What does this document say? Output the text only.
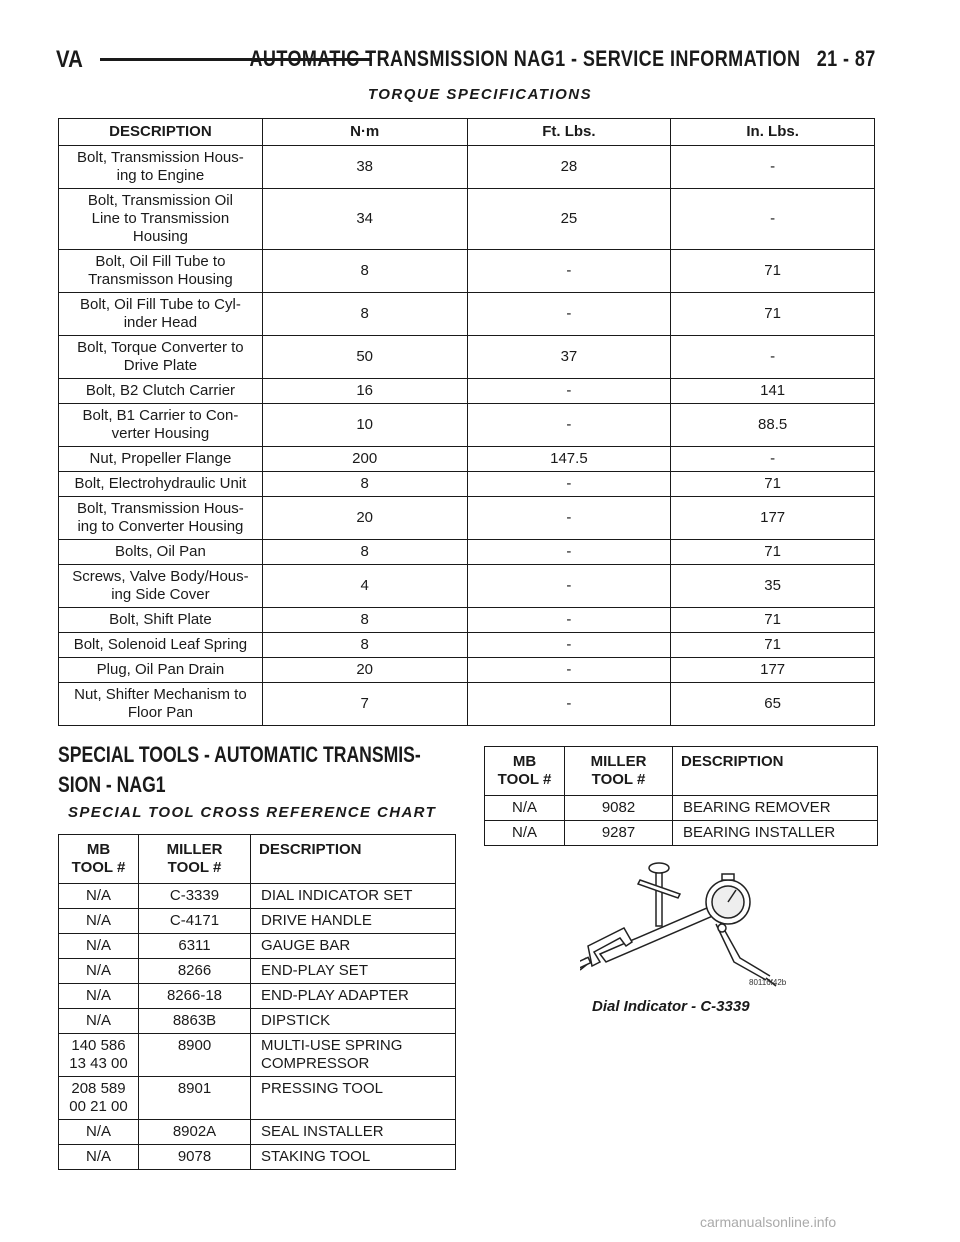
VA	AUTOMATIC TRANSMISSION NAG1 - SERVICE INFORMATION 21 - 87
TORQUE SPECIFICATIONS
DESCRIPTION	N·m	Ft. Lbs.	In. Lbs.
Bolt, Transmission Hous-
ing to Engine	38	28	-
Bolt, Transmission Oil
Line to Transmission
Housing	34	25	-
Bolt, Oil Fill Tube to
Transmisson Housing	8	-	71
Bolt, Oil Fill Tube to Cyl-
inder Head	8	-	71
Bolt, Torque Converter to
Drive Plate	50	37	-
Bolt, B2 Clutch Carrier	16	-	141
Bolt, B1 Carrier to Con-
verter Housing	10	-	88.5
Nut, Propeller Flange	200	147.5	-
Bolt, Electrohydraulic Unit	8	-	71
Bolt, Transmission Hous-
ing to Converter Housing	20	-	177
Bolts, Oil Pan	8	-	71
Screws, Valve Body/Hous-
ing Side Cover	4	-	35
Bolt, Shift Plate	8	-	71
Bolt, Solenoid Leaf Spring	8	-	71
Plug, Oil Pan Drain	20	-	177
Nut, Shifter Mechanism to
Floor Pan	7	-	65
SPECIAL TOOLS - AUTOMATIC TRANSMIS-
SION - NAG1
SPECIAL TOOL CROSS REFERENCE CHART
MB
TOOL #	MILLER
TOOL #	DESCRIPTION
N/A	C-3339	DIAL INDICATOR SET
N/A	C-4171	DRIVE HANDLE
N/A	6311	GAUGE BAR
N/A	8266	END-PLAY SET
N/A	8266-18	END-PLAY ADAPTER
N/A	8863B	DIPSTICK
140 586
13 43 00	8900	MULTI-USE SPRING
COMPRESSOR
208 589
00 21 00	8901	PRESSING TOOL
N/A	8902A	SEAL INSTALLER
N/A	9078	STAKING TOOL
MB
TOOL #	MILLER
TOOL #	DESCRIPTION
N/A	9082	BEARING REMOVER
N/A	9287	BEARING INSTALLER
80116f42b
Dial Indicator - C-3339
carmanualsonline.info
